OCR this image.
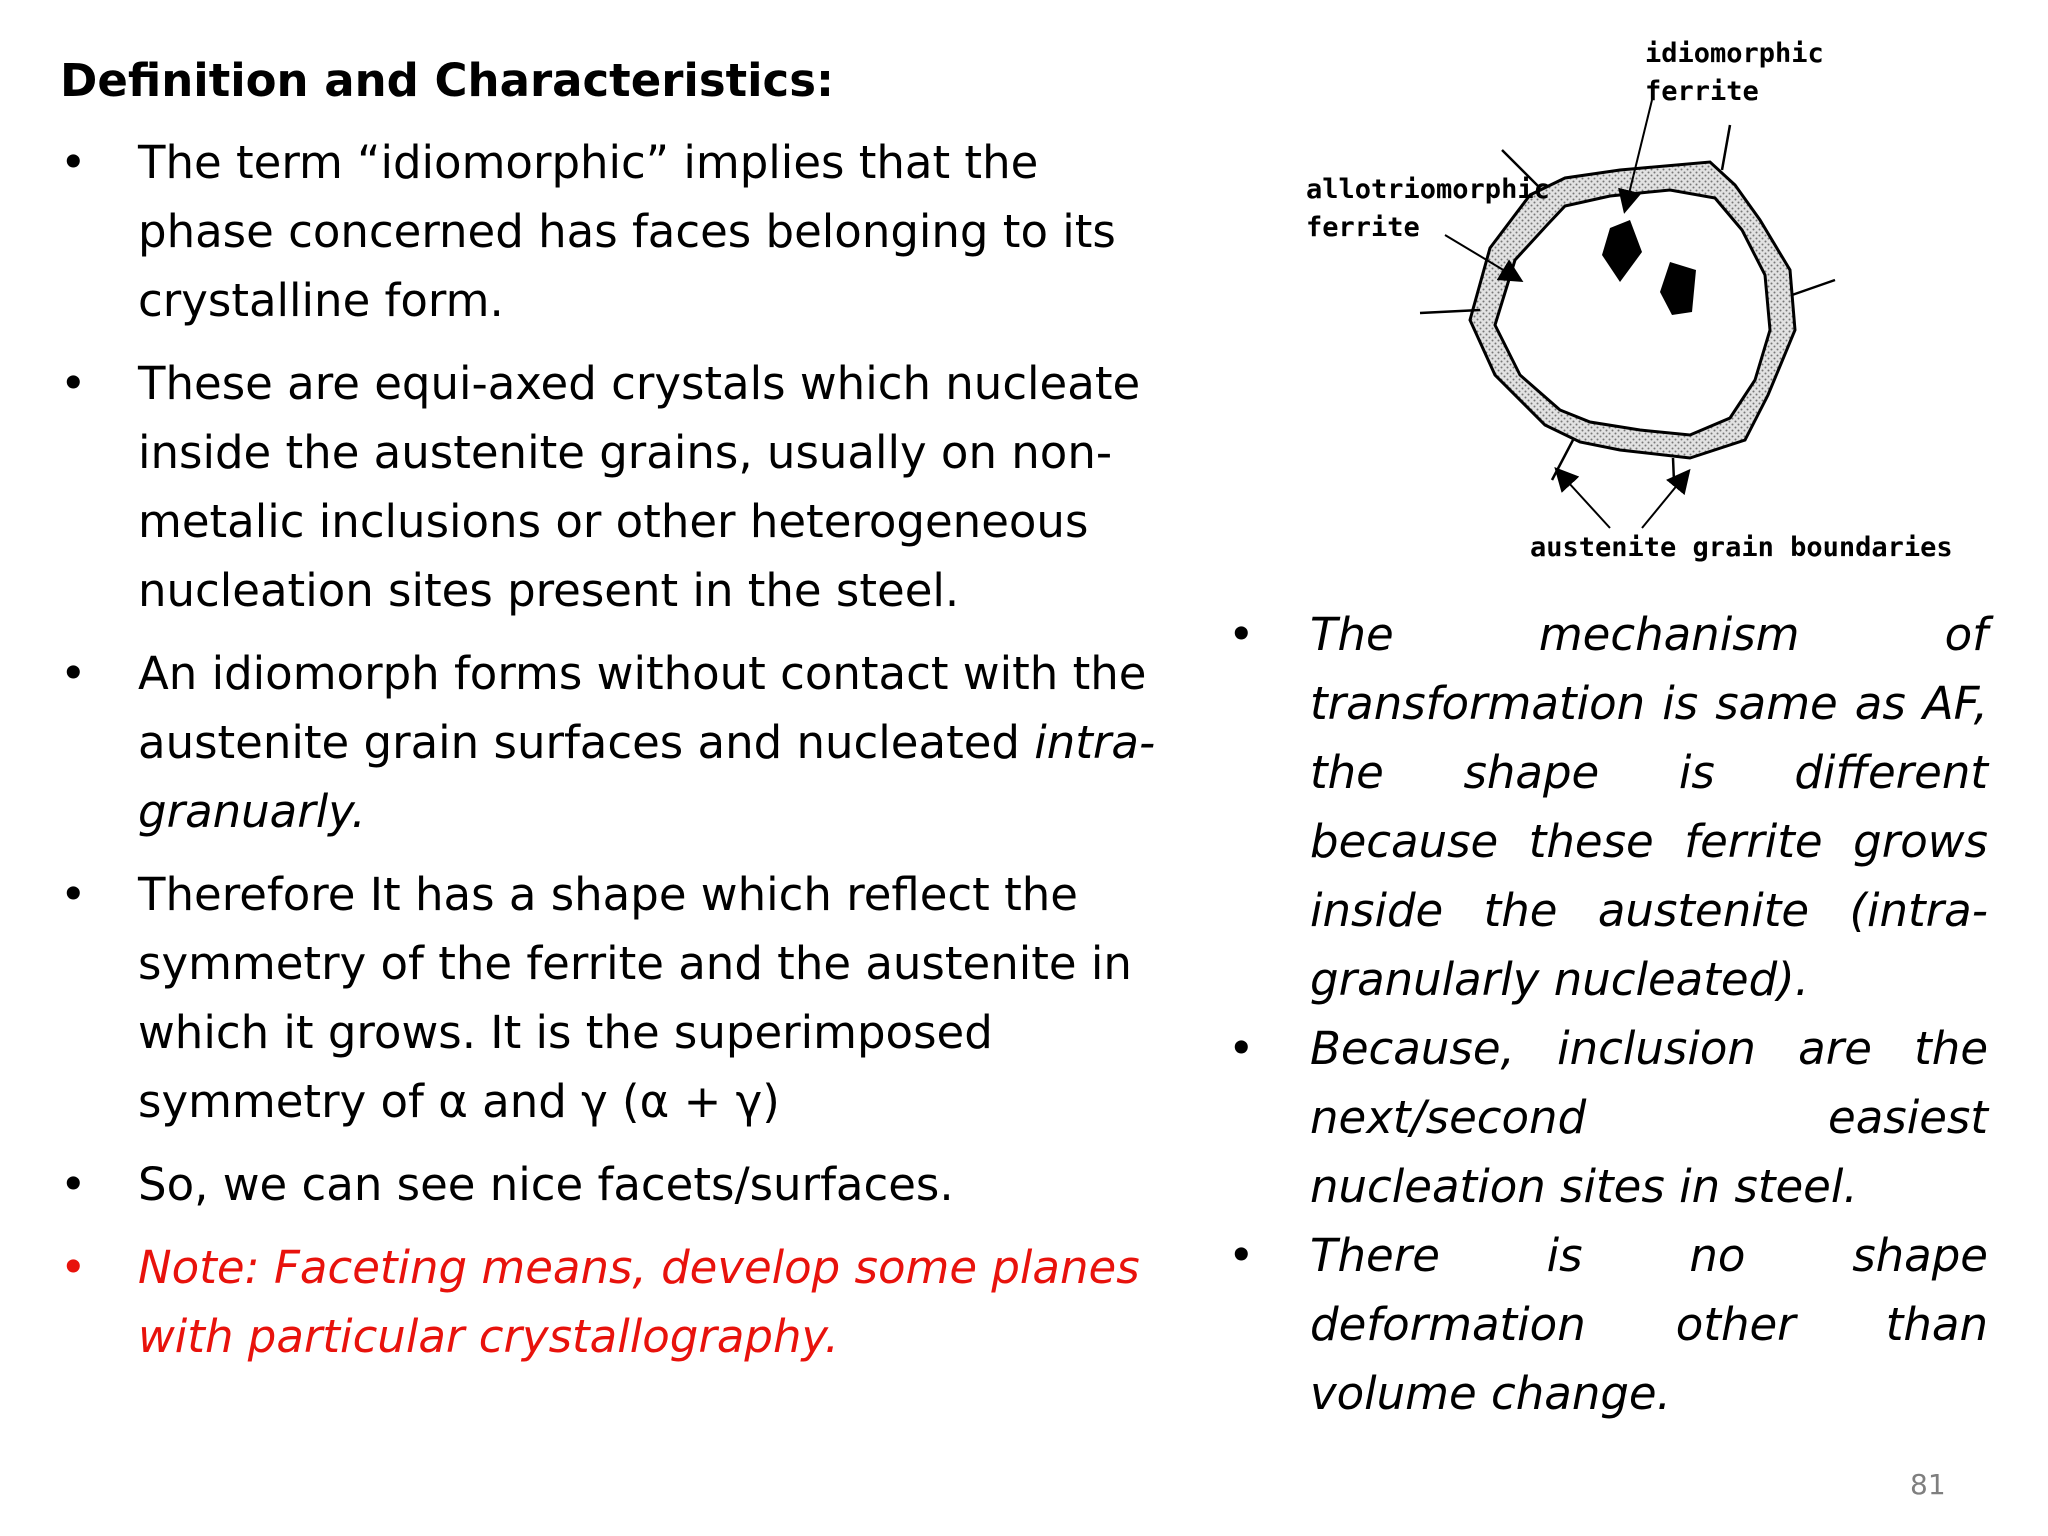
Definition and Characteristics:
• The term “idiomorphic” implies that the phase concerned has faces belonging to its crystalline form.
• These are equi-axed crystals which nucleate inside the austenite grains, usually on non-metalic inclusions or other heterogeneous nucleation sites present in the steel.
• An idiomorph forms without contact with the austenite grain surfaces and nucleated intra-granuarly.
• Therefore It has a shape which reflect the symmetry of the ferrite and the austenite in which it grows. It is the superimposed symmetry of α and γ (α + γ)
• So, we can see nice facets/surfaces.
• Note: Faceting means, develop some planes with particular crystallography.
idiomorphic
ferrite
allotriomorphic
ferrite
austenite grain boundaries
• The mechanism of transformation is same as AF, the shape is different because these ferrite grows inside the austenite (intra-granularly nucleated).
• Because, inclusion are the next/second easiest nucleation sites in steel.
• There is no shape deformation other than volume change.
81
